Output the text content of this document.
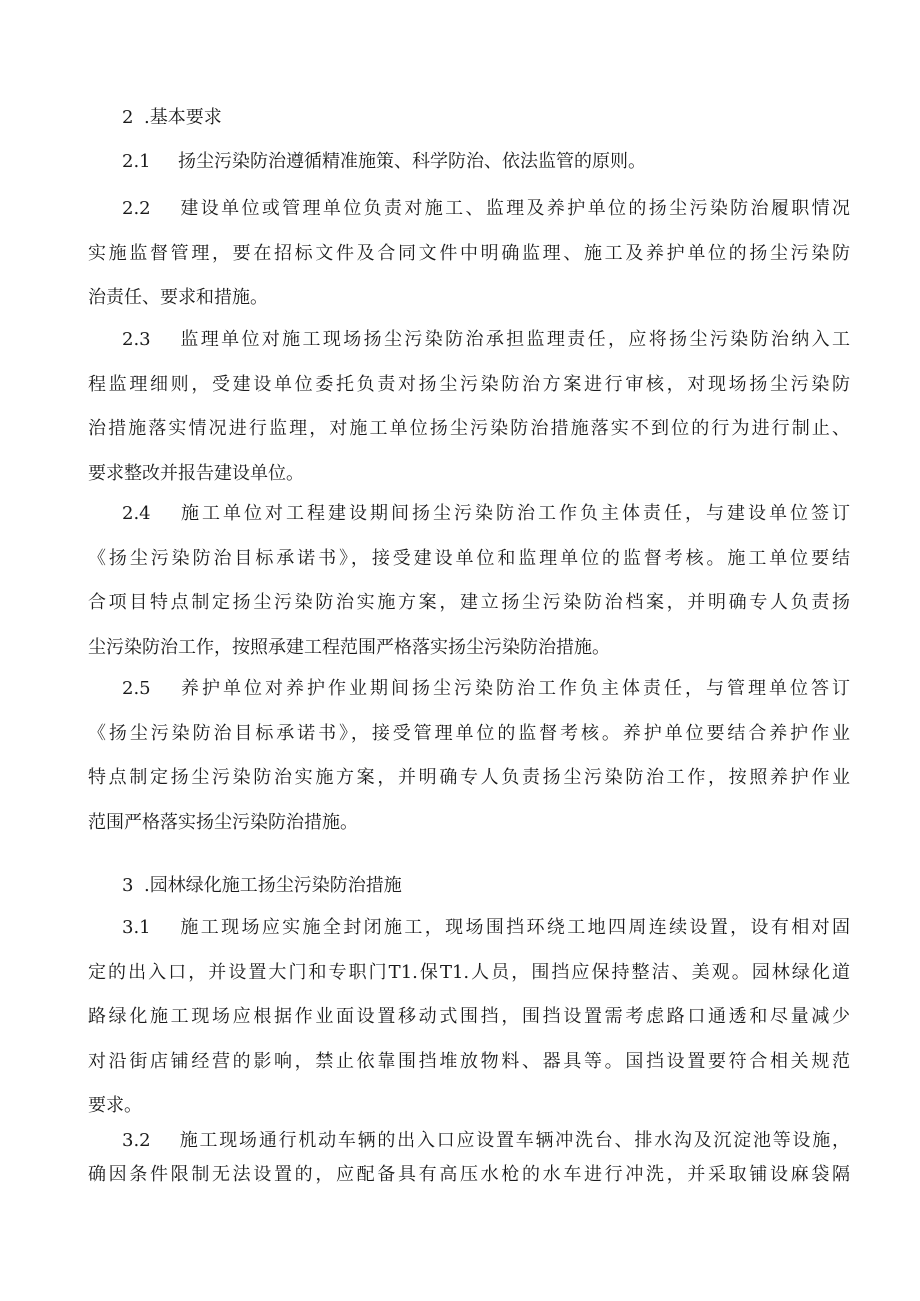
2 .基本要求
2.1 扬尘污染防治遵循精准施策、科学防治、依法监管的原则。
2.2 建设单位或管理单位负责对施工、监理及养护单位的扬尘污染防治履职情况
实施监督管理，要在招标文件及合同文件中明确监理、施工及养护单位的扬尘污染防
治责任、要求和措施。
2.3 监理单位对施工现场扬尘污染防治承担监理责任，应将扬尘污染防治纳入工
程监理细则，受建设单位委托负责对扬尘污染防治方案进行审核，对现场扬尘污染防
治措施落实情况进行监理，对施工单位扬尘污染防治措施落实不到位的行为进行制止、
要求整改并报告建设单位。
2.4 施工单位对工程建设期间扬尘污染防治工作负主体责任，与建设单位签订
《扬尘污染防治目标承诺书》，接受建设单位和监理单位的监督考核。施工单位要结
合项目特点制定扬尘污染防治实施方案，建立扬尘污染防治档案，并明确专人负责扬
尘污染防治工作，按照承建工程范围严格落实扬尘污染防治措施。
2.5 养护单位对养护作业期间扬尘污染防治工作负主体责任，与管理单位答订
《扬尘污染防治目标承诺书》，接受管理单位的监督考核。养护单位要结合养护作业
特点制定扬尘污染防治实施方案，并明确专人负责扬尘污染防治工作，按照养护作业
范围严格落实扬尘污染防治措施。
3 .园林绿化施工扬尘污染防治措施
3.1 施工现场应实施全封闭施工，现场围挡环绕工地四周连续设置，设有相对固
定的出入口，并设置大门和专职门T1.保T1.人员，围挡应保持整洁、美观。园林绿化道
路绿化施工现场应根据作业面设置移动式围挡，围挡设置需考虑路口通透和尽量减少
对沿街店铺经营的影响，禁止依靠围挡堆放物料、器具等。国挡设置要符合相关规范
要求。
3.2 施工现场通行机动车辆的出入口应设置车辆冲洗台、排水沟及沉淀池等设施，
确因条件限制无法设置的，应配备具有高压水枪的水车进行冲洗，并采取铺设麻袋隔
